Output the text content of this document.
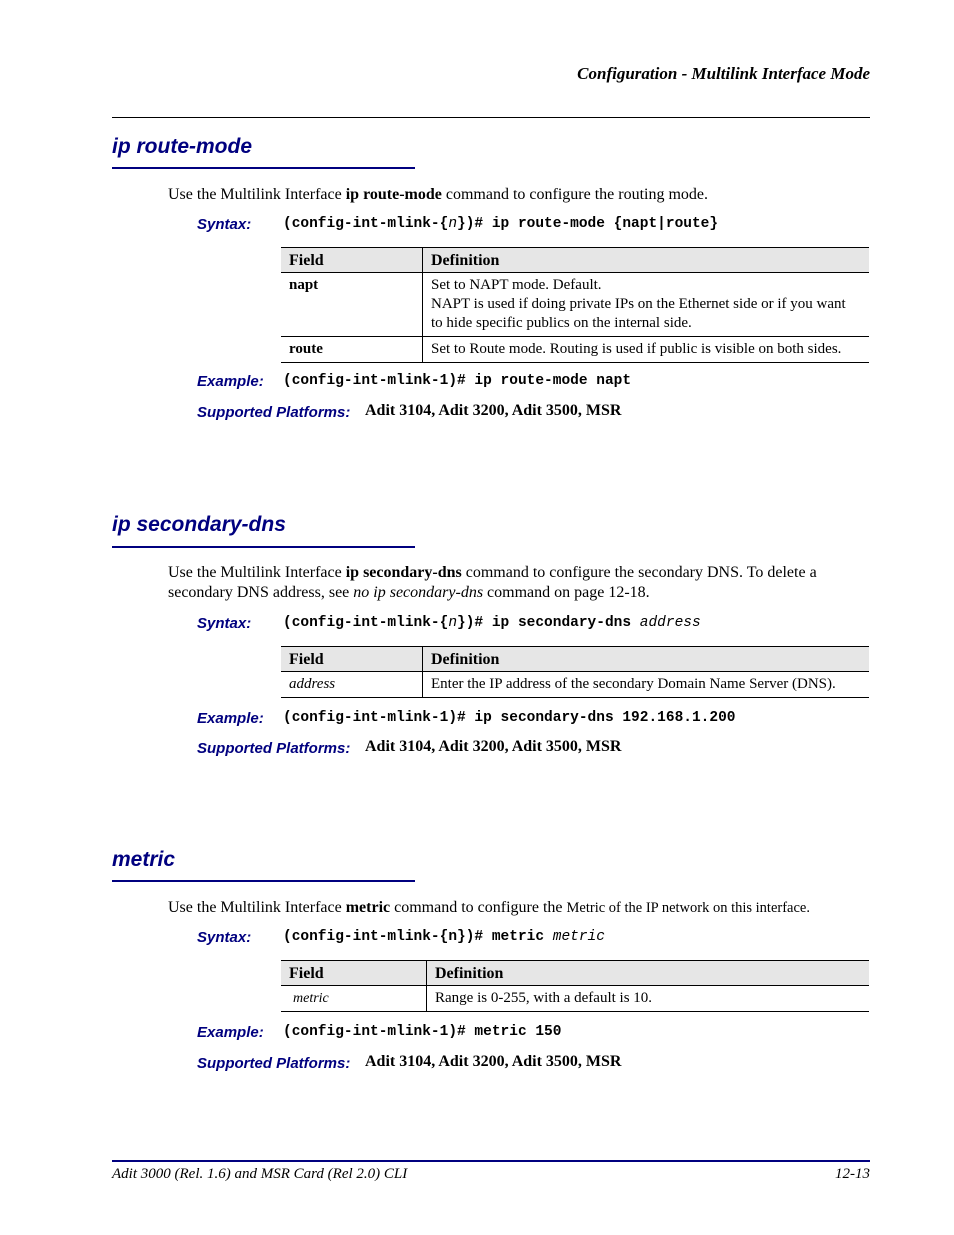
Configuration - Multilink Interface Mode
ip route-mode
Use the Multilink Interface ip route-mode command to configure the routing mode.
Syntax: (config-int-mlink-{n})# ip route-mode {napt|route}
Field	Definition
napt	Set to NAPT mode. Default.
NAPT is used if doing private IPs on the Ethernet side or if you want
to hide specific publics on the internal side.

route	Set to Route mode. Routing is used if public is visible on both sides.
Example: (config-int-mlink-1)# ip route-mode napt
Supported Platforms: Adit 3104, Adit 3200, Adit 3500, MSR
ip secondary-dns
Use the Multilink Interface ip secondary-dns command to configure the secondary DNS. To delete a
secondary DNS address, see no ip secondary-dns command on page 12-18.
Syntax: (config-int-mlink-{n})# ip secondary-dns address
Field	Definition
address	Enter the IP address of the secondary Domain Name Server (DNS).
Example: (config-int-mlink-1)# ip secondary-dns 192.168.1.200
Supported Platforms: Adit 3104, Adit 3200, Adit 3500, MSR
metric
Use the Multilink Interface metric command to configure the Metric of the IP network on this interface.
Syntax: (config-int-mlink-{n})# metric metric
Field	Definition
metric	Range is 0-255, with a default is 10.
Example: (config-int-mlink-1)# metric 150
Supported Platforms: Adit 3104, Adit 3200, Adit 3500, MSR
Adit 3000 (Rel. 1.6) and MSR Card (Rel 2.0) CLI	12-13
